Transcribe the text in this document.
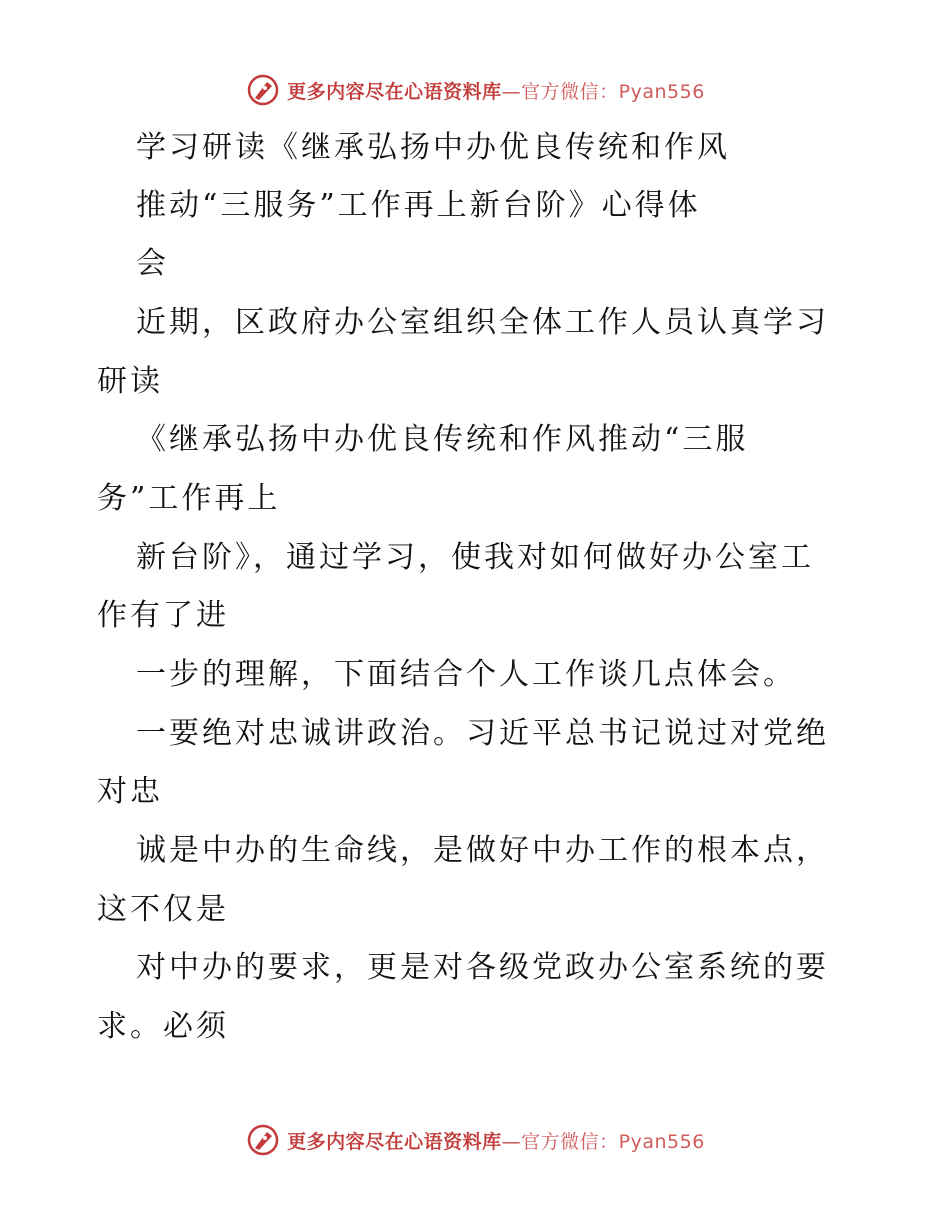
更多内容尽在心语资料库—官方微信：Pyan556
学习研读《继承弘扬中办优良传统和作风
推动“三服务”工作再上新台阶》心得体
会
近期，区政府办公室组织全体工作人员认真学习
研读
《继承弘扬中办优良传统和作风推动“三服
务”工作再上
新台阶》，通过学习，使我对如何做好办公室工
作有了进
一步的理解，下面结合个人工作谈几点体会。
一要绝对忠诚讲政治。习近平总书记说过对党绝
对忠
诚是中办的生命线，是做好中办工作的根本点，
这不仅是
对中办的要求，更是对各级党政办公室系统的要
求。必须
更多内容尽在心语资料库—官方微信：Pyan556
